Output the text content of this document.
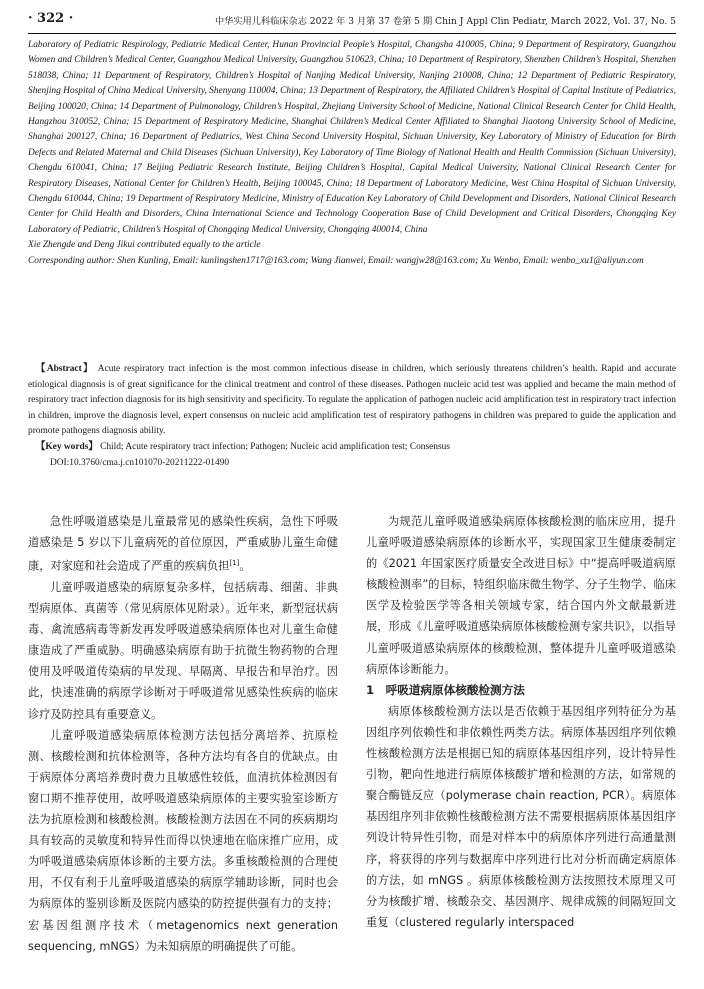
· 322 ·	中华实用儿科临床杂志 2022 年 3 月第 37 卷第 5 期 Chin J Appl Clin Pediatr, March 2022, Vol. 37, No. 5

Laboratory of Pediatric Respirology, Pediatric Medical Center, Hunan Provincial People’s Hospital, Changsha 410005, China; 9 Department of Respiratory, Guangzhou Women and Children’s Medical Center, Guangzhou Medical University, Guangzhou 510623, China; 10 Department of Respiratory, Shenzhen Children’s Hospital, Shenzhen 518038, China; 11 Department of Respiratory, Children’s Hospital of Nanjing Medical University, Nanjing 210008, China; 12 Department of Pediatric Respiratory, Shenjing Hospital of China Medical University, Shenyang 110004, China; 13 Department of Respiratory, the Affiliated Children’s Hospital of Capital Institute of Pediatrics, Beijing 100020, China; 14 Department of Pulmonology, Children’s Hospital, Zhejiang University School of Medicine, National Clinical Research Center for Child Health, Hangzhou 310052, China; 15 Department of Respiratory Medicine, Shanghai Children’s Medical Center Affiliated to Shanghai Jiaotong University School of Medicine, Shanghai 200127, China; 16 Department of Pediatrics, West China Second University Hospital, Sichuan University, Key Laboratory of Ministry of Education for Birth Defects and Related Maternal and Child Diseases (Sichuan University), Key Laboratory of Time Biology of National Health and Health Commission (Sichuan University), Chengdu 610041, China; 17 Beijing Pediatric Research Institute, Beijing Children’s Hospital, Capital Medical University, National Clinical Research Center for Respiratory Diseases, National Center for Children’s Health, Beijing 100045, China; 18 Department of Laboratory Medicine, West China Hospital of Sichuan University, Chengdu 610044, China; 19 Department of Respiratory Medicine, Ministry of Education Key Laboratory of Child Development and Disorders, National Clinical Research Center for Child Health and Disorders, China International Science and Technology Cooperation Base of Child Development and Critical Disorders, Chongqing Key Laboratory of Pediatric, Children’s Hospital of Chongqing Medical University, Chongqing 400014, China

Xie Zhengde and Deng Jikui contributed equally to the article

Corresponding author: Shen Kunling, Email: kunlingshen1717@163.com; Wang Jianwei, Email: wangjw28@163.com; Xu Wenbo, Email: wenbo_xu1@aliyun.com

【Abstract】 Acute respiratory tract infection is the most common infectious disease in children, which seriously threatens children’s health. Rapid and accurate etiological diagnosis is of great significance for the clinical treatment and control of these diseases. Pathogen nucleic acid test was applied and became the main method of respiratory tract infection diagnosis for its high sensitivity and specificity. To regulate the application of pathogen nucleic acid amplification test in respiratory tract infection in children, improve the diagnosis level, expert consensus on nucleic acid amplification test of respiratory pathogens in children was prepared to guide the application and promote pathogens diagnosis ability.

【Key words】 Child; Acute respiratory tract infection; Pathogen; Nucleic acid amplification test; Consensus

DOI:10.3760/cma.j.cn101070-20211222-01490

急性呼吸道感染是儿童最常见的感染性疾病，急性下呼吸道感染是 5 岁以下儿童病死的首位原因，严重威胁儿童生命健康，对家庭和社会造成了严重的疾病负担[1]。

儿童呼吸道感染的病原复杂多样，包括病毒、细菌、非典型病原体、真菌等（常见病原体见附录）。近年来，新型冠状病毒、禽流感病毒等新发再发呼吸道感染病原体也对儿童生命健康造成了严重威胁。明确感染病原有助于抗微生物药物的合理使用及呼吸道传染病的早发现、早隔离、早报告和早治疗。因此，快速准确的病原学诊断对于呼吸道常见感染性疾病的临床诊疗及防控具有重要意义。

儿童呼吸道感染病原体检测方法包括分离培养、抗原检测、核酸检测和抗体检测等，各种方法均有各自的优缺点。由于病原体分离培养费时费力且敏感性较低，血清抗体检测因有窗口期不推荐使用，故呼吸道感染病原体的主要实验室诊断方法为抗原检测和核酸检测。核酸检测方法因在不同的疾病期均具有较高的灵敏度和特异性而得以快速地在临床推广应用，成为呼吸道感染病原体诊断的主要方法。多重核酸检测的合理使用，不仅有利于儿童呼吸道感染的病原学辅助诊断，同时也会为病原体的鉴别诊断及医院内感染的防控提供强有力的支持；宏基因组测序技术（metagenomics next generation sequencing, mNGS）为未知病原的明确提供了可能。

为规范儿童呼吸道感染病原体核酸检测的临床应用，提升儿童呼吸道感染病原体的诊断水平，实现国家卫生健康委制定的《2021 年国家医疗质量安全改进目标》中“提高呼吸道病原核酸检测率”的目标，特组织临床微生物学、分子生物学、临床医学及检验医学等各相关领域专家，结合国内外文献最新进展，形成《儿童呼吸道感染病原体核酸检测专家共识》，以指导儿童呼吸道感染病原体的核酸检测，整体提升儿童呼吸道感染病原体诊断能力。

1　呼吸道病原体核酸检测方法

病原体核酸检测方法以是否依赖于基因组序列特征分为基因组序列依赖性和非依赖性两类方法。病原体基因组序列依赖性核酸检测方法是根据已知的病原体基因组序列，设计特异性引物，靶向性地进行病原体核酸扩增和检测的方法，如常规的聚合酶链反应（polymerase chain reaction, PCR）。病原体基因组序列非依赖性核酸检测方法不需要根据病原体基因组序列设计特异性引物，而是对样本中的病原体序列进行高通量测序，将获得的序列与数据库中序列进行比对分析而确定病原体的方法，如 mNGS 。病原体核酸检测方法按照技术原理又可分为核酸扩增、核酸杂交、基因测序、规律成簇的间隔短回文重复（clustered regularly interspaced
